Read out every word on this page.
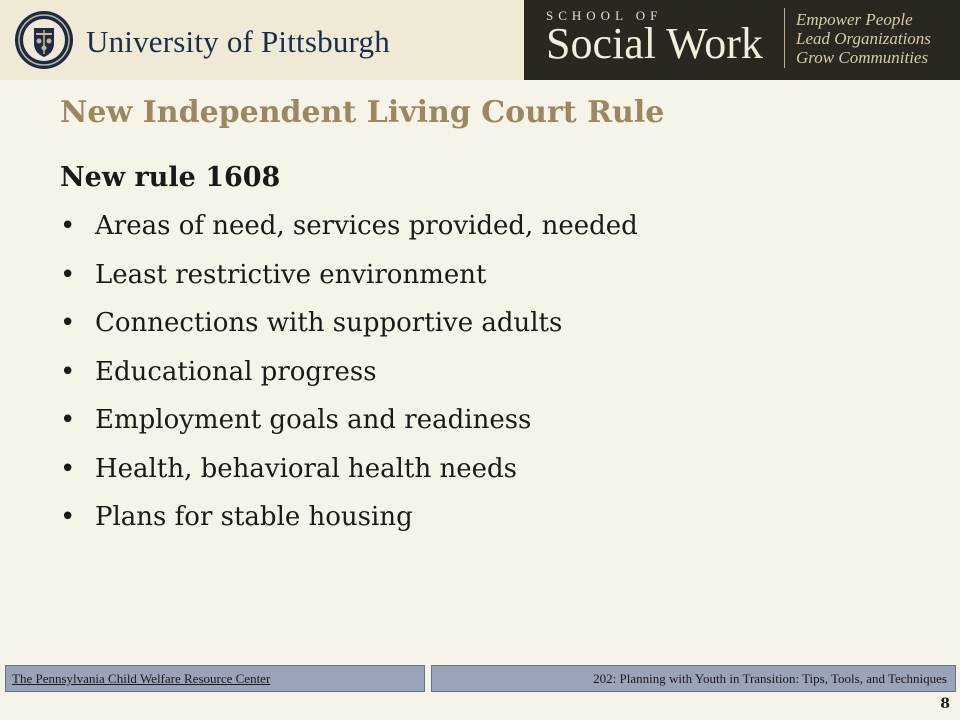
University of Pittsburgh
SCHOOL OF
Social Work Empower People
Lead Organizations
Grow Communities
New Independent Living Court Rule
New rule 1608
• Areas of need, services provided, needed
• Least restrictive environment
• Connections with supportive adults
• Educational progress
• Employment goals and readiness
• Health, behavioral health needs
• Plans for stable housing
The Pennsylvania Child Welfare Resource Center	202: Planning with Youth in Transition: Tips, Tools, and Techniques
8
